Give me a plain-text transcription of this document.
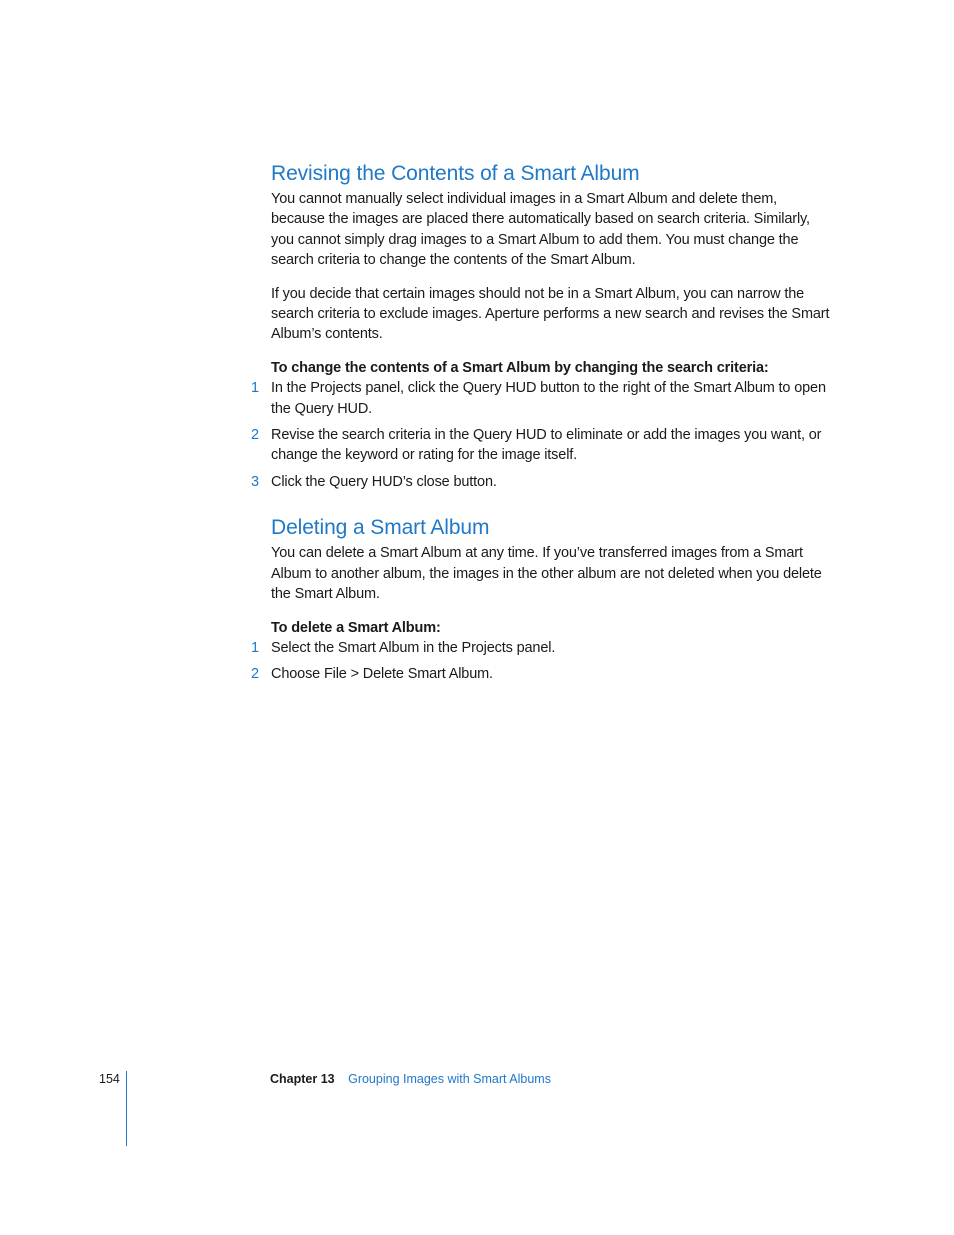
Revising the Contents of a Smart Album

You cannot manually select individual images in a Smart Album and delete them, because the images are placed there automatically based on search criteria. Similarly, you cannot simply drag images to a Smart Album to add them. You must change the search criteria to change the contents of the Smart Album.

If you decide that certain images should not be in a Smart Album, you can narrow the search criteria to exclude images. Aperture performs a new search and revises the Smart Album’s contents.

To change the contents of a Smart Album by changing the search criteria:

1 In the Projects panel, click the Query HUD button to the right of the Smart Album to open the Query HUD.
2 Revise the search criteria in the Query HUD to eliminate or add the images you want, or change the keyword or rating for the image itself.
3 Click the Query HUD’s close button.
Deleting a Smart Album

You can delete a Smart Album at any time. If you’ve transferred images from a Smart Album to another album, the images in the other album are not deleted when you delete the Smart Album.

To delete a Smart Album:

1 Select the Smart Album in the Projects panel.
2 Choose File > Delete Smart Album.
154	Chapter 13 Grouping Images with Smart Albums
